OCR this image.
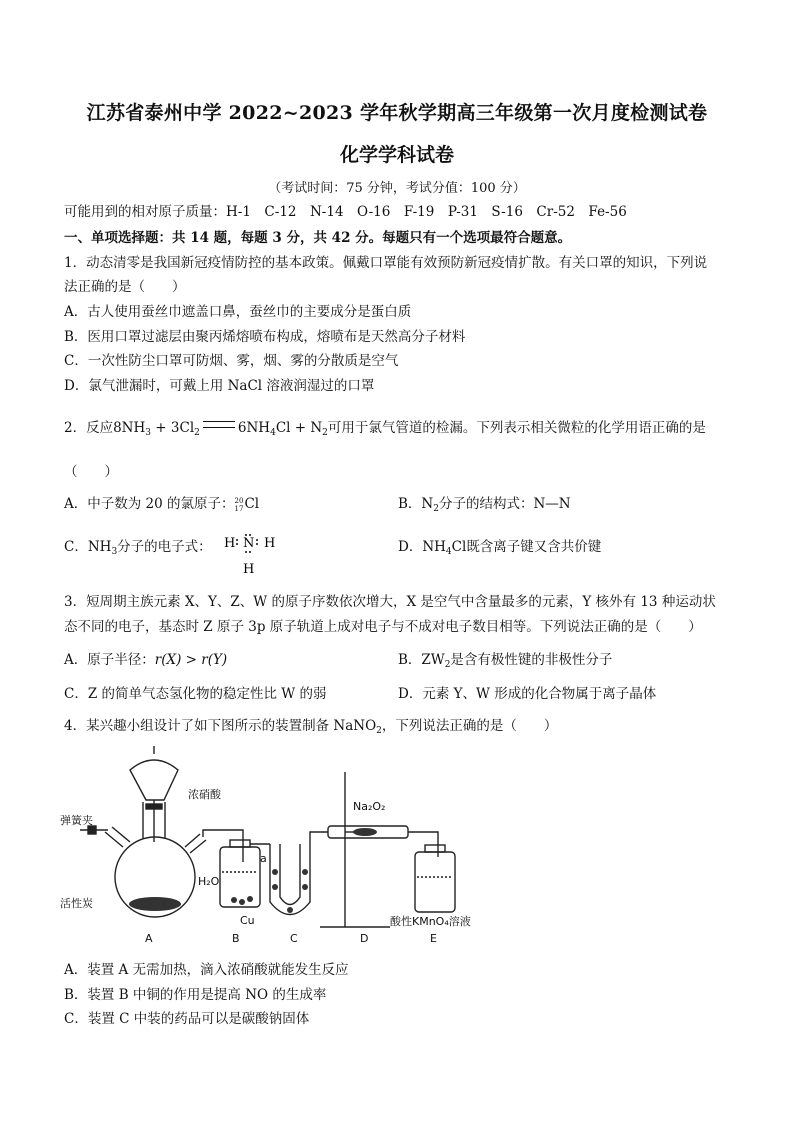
江苏省泰州中学 2022~2023 学年秋学期高三年级第一次月度检测试卷
化学学科试卷
（考试时间：75 分钟，考试分值：100 分）
可能用到的相对原子质量：H-1　C-12　N-14　O-16　F-19　P-31　S-16　Cr-52　Fe-56
一、单项选择题：共 14 题，每题 3 分，共 42 分。每题只有一个选项最符合题意。
1．动态清零是我国新冠疫情防控的基本政策。佩戴口罩能有效预防新冠疫情扩散。有关口罩的知识，下列说
法正确的是（　　）
A．古人使用蚕丝巾遮盖口鼻，蚕丝巾的主要成分是蛋白质
B．医用口罩过滤层由聚丙烯熔喷布构成，熔喷布是天然高分子材料
C．一次性防尘口罩可防烟、雾，烟、雾的分散质是空气
D．氯气泄漏时，可戴上用 NaCl 溶液润湿过的口罩
2．反应$8NH_3 + 3Cl_2$	$6NH_4Cl + N_2$可用于氯气管道的检漏。下列表示相关微粒的化学用语正确的是
（　　）
A．中子数为 20 的氯原子： 20
17 Cl	B．$N_2$分子的结构式：N—N
C．$NH_3$分子的电子式： H N H
H
D．$NH_4Cl$既含离子键又含共价键
3．短周期主族元素 X、Y、Z、W 的原子序数依次增大，X 是空气中含量最多的元素，Y 核外有 13 种运动状
态不同的电子，基态时 Z 原子 3p 原子轨道上成对电子与不成对电子数目相等。下列说法正确的是（　　）
A．原子半径：r(X) > r(Y)	B．$ZW_2$是含有极性键的非极性分子
C．Z 的简单气态氢化物的稳定性比 W 的弱	D．元素 Y、W 形成的化合物属于离子晶体
4．某兴趣小组设计了如下图所示的装置制备 NaNO$_2$，下列说法正确的是（　　）
弹簧夹
浓硝酸
活性炭
H₂O
a
Cu
Na₂O₂
酸性KMnO₄溶液
A	B	C	D	E
A．装置 A 无需加热，滴入浓硝酸就能发生反应
B．装置 B 中铜的作用是提高 NO 的生成率
C．装置 C 中装的药品可以是碳酸钠固体
